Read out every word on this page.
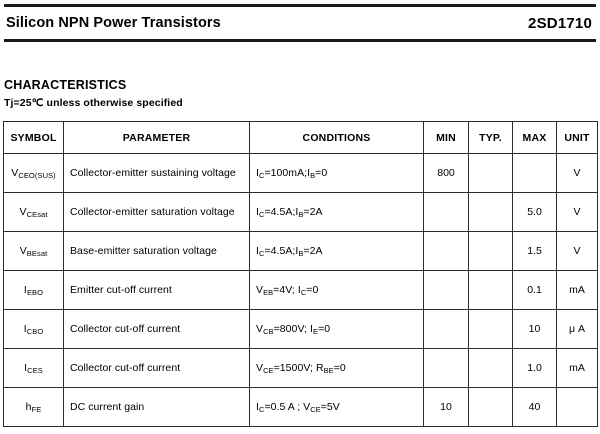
Silicon NPN Power Transistors	2SD1710

CHARACTERISTICS

Tj=25℃ unless otherwise specified

SYMBOL	PARAMETER	CONDITIONS	MIN	TYP.	MAX	UNIT
$V_{CEO(SUS)}$	Collector-emitter sustaining voltage	$I_C=100mA;I_B=0$	800			V
$V_{CEsat}$	Collector-emitter saturation voltage	$I_C=4.5A;I_B=2A$			5.0	V
$V_{BEsat}$	Base-emitter saturation voltage	$I_C=4.5A;I_B=2A$			1.5	V
$I_{EBO}$	Emitter cut-off current	$V_{EB}=4V$; $I_C=0$			0.1	mA
$I_{CBO}$	Collector cut-off current	$V_{CB}=800V$; $I_E=0$			10	μ A
$I_{CES}$	Collector cut-off current	$V_{CE}=1500V$; $R_{BE}=0$			1.0	mA
$h_{FE}$	DC current gain	$I_C=0.5$ A ; $V_{CE}=5V$	10		40	
